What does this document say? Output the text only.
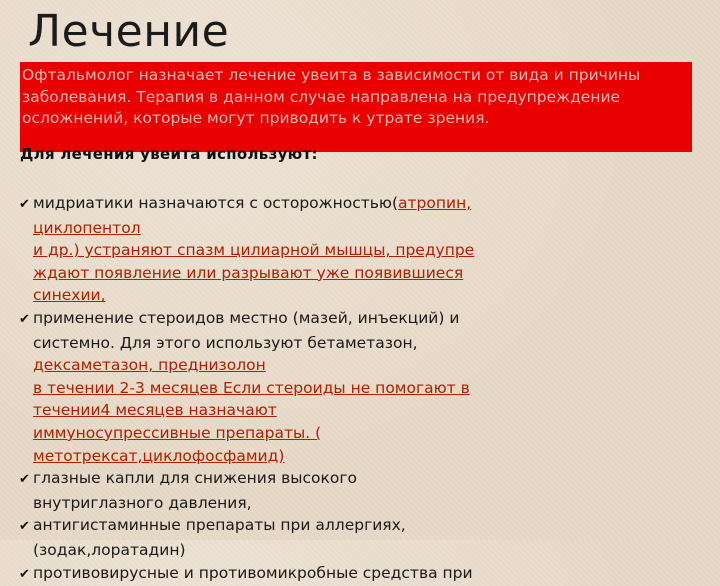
Лечение
Офтальмолог назначает лечение увеита в зависимости от вида и причины заболевания. Терапия в данном случае направлена на предупреждение осложнений, которые могут приводить к утрате зрения.
Для лечения увеита используют:
✔ мидриатики назначаются с осторожностью(атропин,
циклопентол
и др.) устраняют спазм цилиарной мышцы, предупре
ждают появление или разрывают уже появившиеся
синехии,
✔ применение стероидов местно (мазей, инъекций) и
системно. Для этого используют бетаметазон,
дексаметазон, преднизолон
в течении 2-3 месяцев Если стероиды не помогают в
течении4 месяцев назначают
иммуносупрессивные препараты. (
метотрексат,циклофосфамид)
✔ глазные капли для снижения высокого
внутриглазного давления,
✔ антигистаминные препараты при аллергиях,
(зодак,лоратадин)
✔ противовирусные и противомикробные средства при
